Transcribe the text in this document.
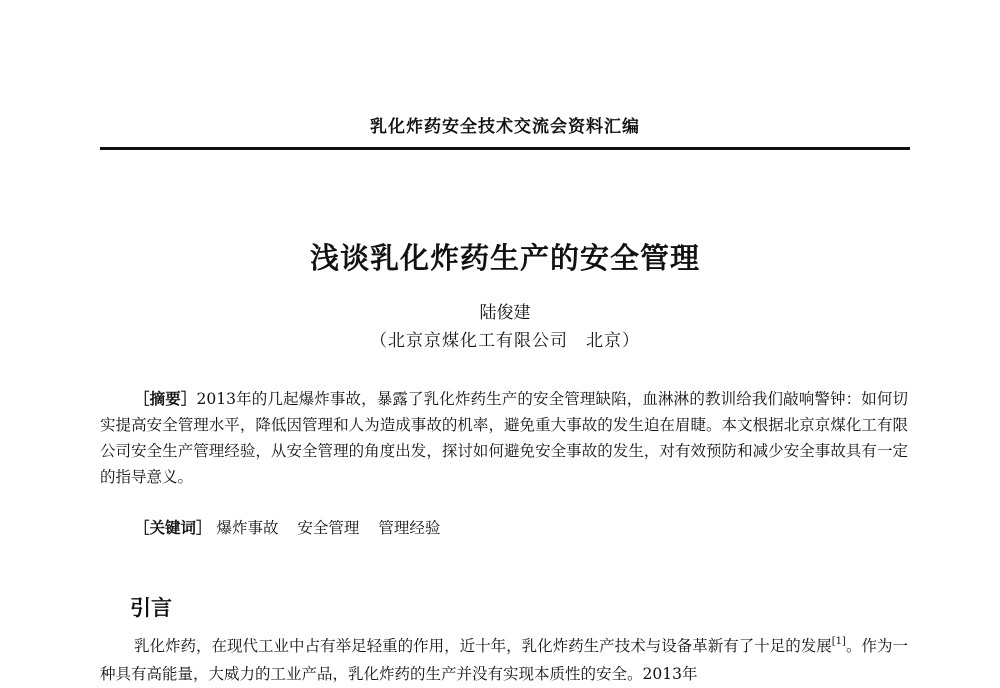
乳化炸药安全技术交流会资料汇编
浅谈乳化炸药生产的安全管理
陆俊建
（北京京煤化工有限公司　北京）
［摘要］2013年的几起爆炸事故，暴露了乳化炸药生产的安全管理缺陷，血淋淋的教训给我们敲响警钟：如何切实提高安全管理水平，降低因管理和人为造成事故的机率，避免重大事故的发生迫在眉睫。本文根据北京京煤化工有限公司安全生产管理经验，从安全管理的角度出发，探讨如何避免安全事故的发生，对有效预防和减少安全事故具有一定的指导意义。
［关键词］ 爆炸事故 安全管理 管理经验
引言
乳化炸药，在现代工业中占有举足轻重的作用，近十年，乳化炸药生产技术与设备革新有了十足的发展[1]。作为一种具有高能量，大威力的工业产品，乳化炸药的生产并没有实现本质性的安全。2013年
